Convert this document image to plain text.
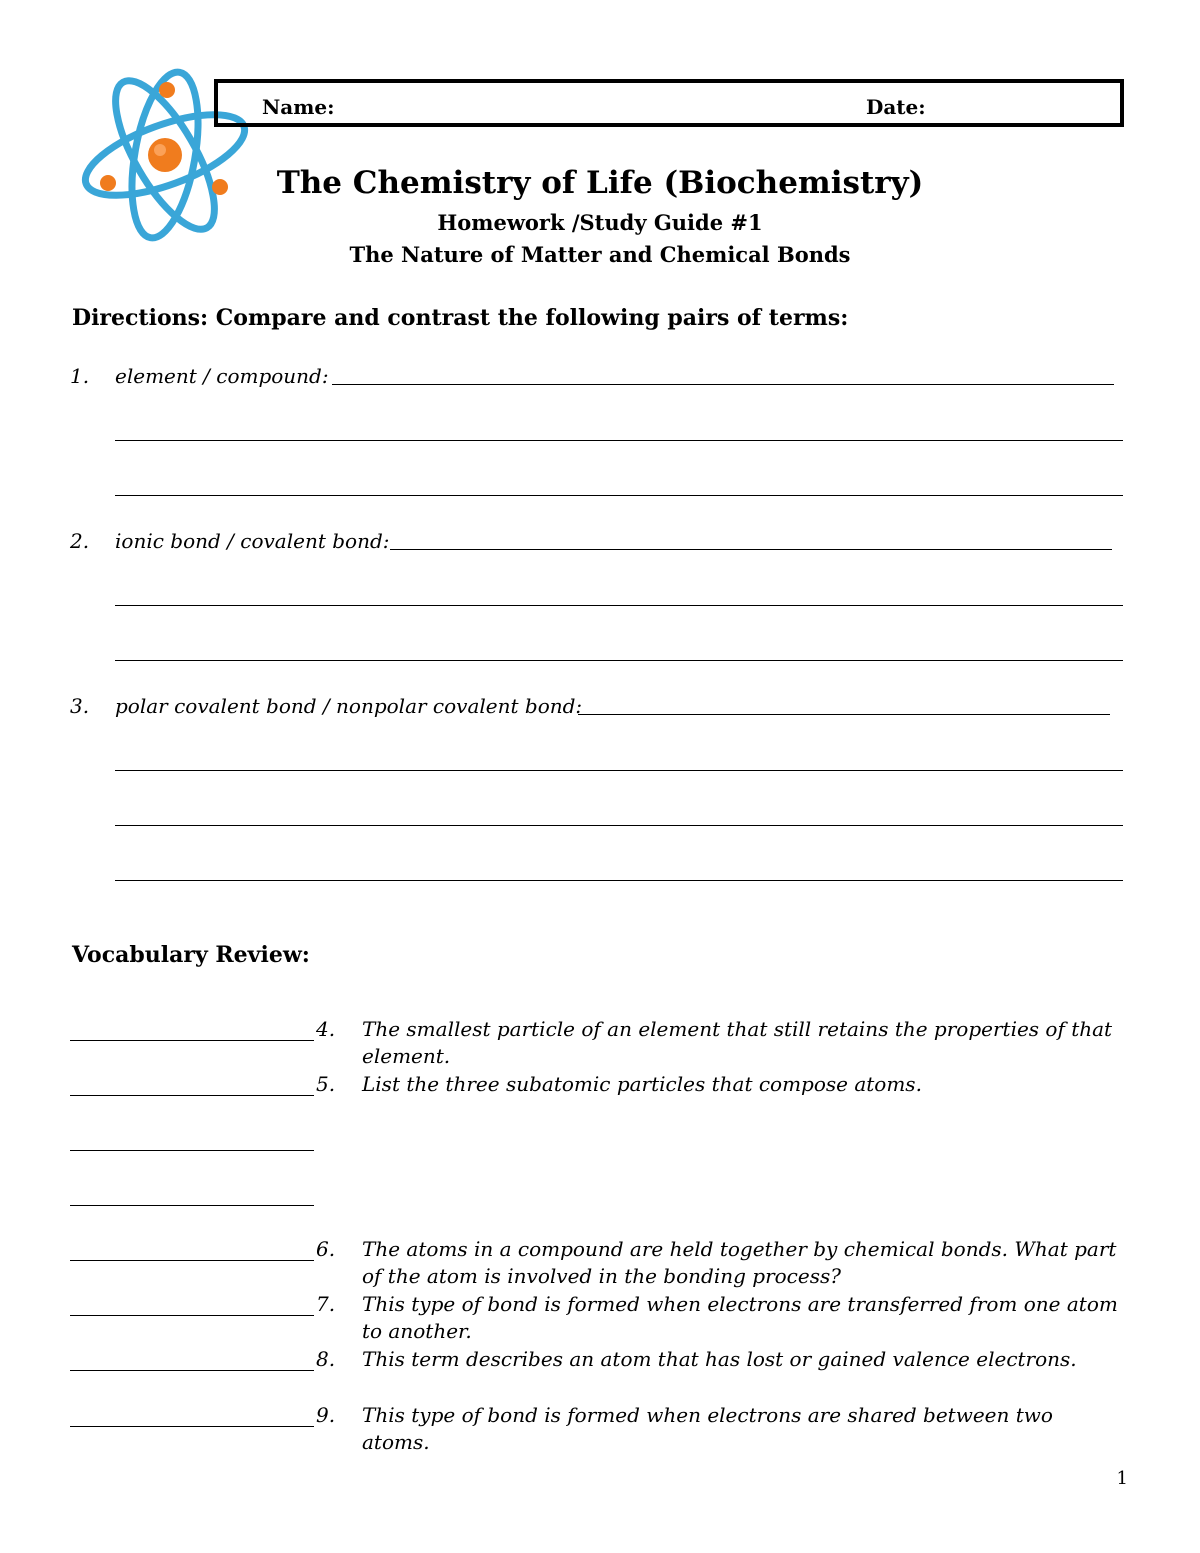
Name:	Date:
The Chemistry of Life (Biochemistry)
Homework /Study Guide #1
The Nature of Matter and Chemical Bonds
Directions: Compare and contrast the following pairs of terms:
1. element / compound:
2. ionic bond / covalent bond:
3. polar covalent bond / nonpolar covalent bond:
Vocabulary Review:
4. The smallest particle of an element that still retains the properties of that element.
5. List the three subatomic particles that compose atoms.
6. The atoms in a compound are held together by chemical bonds. What part of the atom is involved in the bonding process?
7. This type of bond is formed when electrons are transferred from one atom to another.
8. This term describes an atom that has lost or gained valence electrons.
9. This type of bond is formed when electrons are shared between two atoms.
1
